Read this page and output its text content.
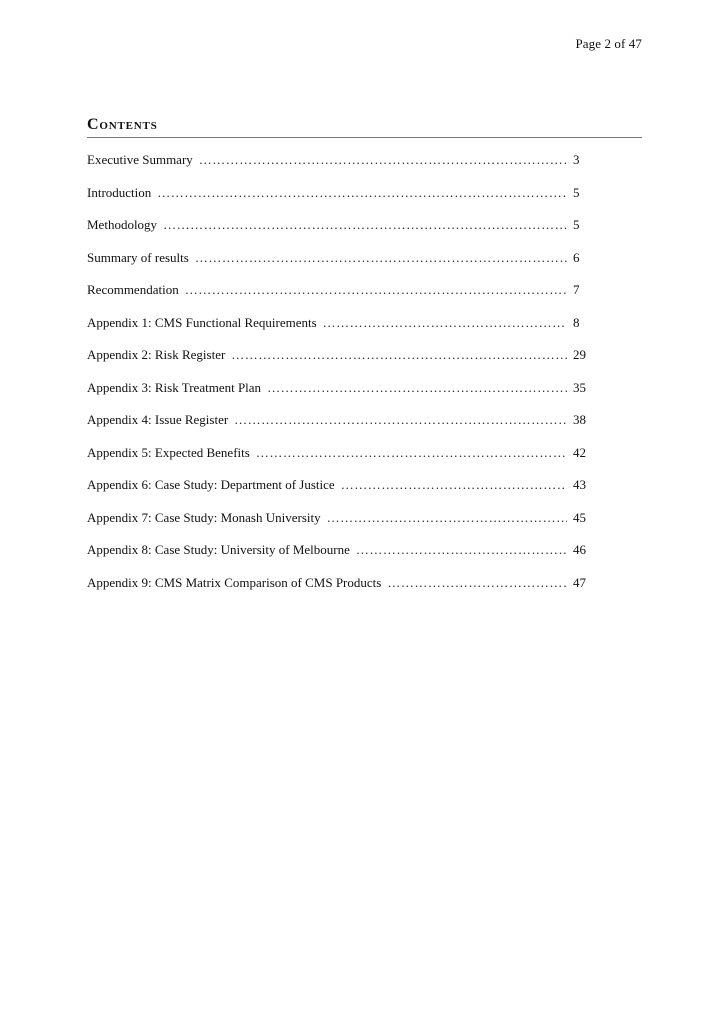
Page 2 of 47
Contents
Executive Summary ………………………………………………………………………………………………………………………………………	3
Introduction ………………………………………………………………………………………………………………………………………	5
Methodology ………………………………………………………………………………………………………………………………………	5
Summary of results ………………………………………………………………………………………………………………………………………	6
Recommendation ………………………………………………………………………………………………………………………………………	7
Appendix 1: CMS Functional Requirements ………………………………………………………………………………………………………………………………………	8
Appendix 2: Risk Register ………………………………………………………………………………………………………………………………………	29
Appendix 3: Risk Treatment Plan ………………………………………………………………………………………………………………………………………	35
Appendix 4: Issue Register ………………………………………………………………………………………………………………………………………	38
Appendix 5: Expected Benefits ………………………………………………………………………………………………………………………………………	42
Appendix 6: Case Study: Department of Justice ………………………………………………………………………………………………………………………………………	43
Appendix 7: Case Study: Monash University ………………………………………………………………………………………………………………………………………	45
Appendix 8: Case Study: University of Melbourne ………………………………………………………………………………………………………………………………………	46
Appendix 9: CMS Matrix Comparison of CMS Products ………………………………………………………………………………………………………………………………………	47
